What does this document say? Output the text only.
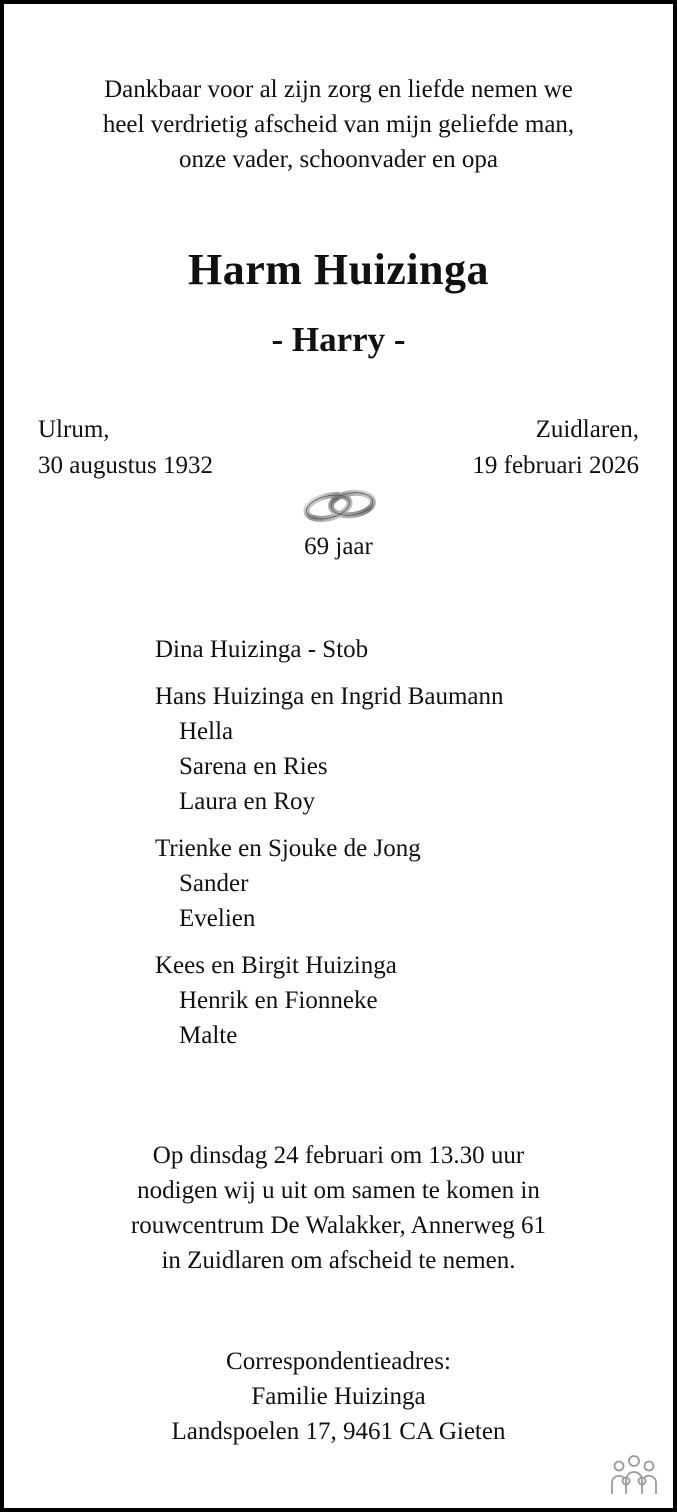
Dankbaar voor al zijn zorg en liefde nemen we
heel verdrietig afscheid van mijn geliefde man,
onze vader, schoonvader en opa
Harm Huizinga
- Harry -
Ulrum,
30 augustus 1932
Zuidlaren,
19 februari 2026
69 jaar
Dina Huizinga - Stob
Hans Huizinga en Ingrid Baumann
Hella
Sarena en Ries
Laura en Roy
Trienke en Sjouke de Jong
Sander
Evelien
Kees en Birgit Huizinga
Henrik en Fionneke
Malte
Op dinsdag 24 februari om 13.30 uur
nodigen wij u uit om samen te komen in
rouwcentrum De Walakker, Annerweg 61
in Zuidlaren om afscheid te nemen.
Correspondentieadres:
Familie Huizinga
Landspoelen 17, 9461 CA Gieten
